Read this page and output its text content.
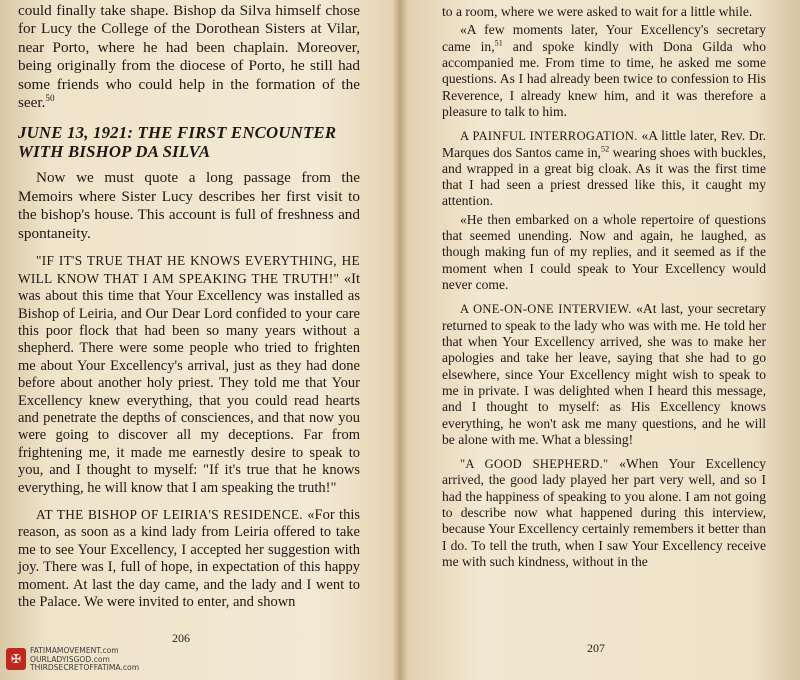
could finally take shape. Bishop da Silva himself chose for Lucy the College of the Dorothean Sisters at Vilar, near Porto, where he had been chaplain. Moreover, being originally from the diocese of Porto, he still had some friends who could help in the formation of the seer.$^{50}$

JUNE 13, 1921: THE FIRST ENCOUNTER WITH BISHOP DA SILVA

Now we must quote a long passage from the Memoirs where Sister Lucy describes her first visit to the bishop's house. This account is full of freshness and spontaneity.

"IF IT'S TRUE THAT HE KNOWS EVERYTHING, HE WILL KNOW THAT I AM SPEAKING THE TRUTH!" «It was about this time that Your Excellency was installed as Bishop of Leiria, and Our Dear Lord confided to your care this poor flock that had been so many years without a shepherd. There were some people who tried to frighten me about Your Excellency's arrival, just as they had done before about another holy priest. They told me that Your Excellency knew everything, that you could read hearts and penetrate the depths of consciences, and that now you were going to discover all my deceptions. Far from frightening me, it made me earnestly desire to speak to you, and I thought to myself: "If it's true that he knows everything, he will know that I am speaking the truth!"

AT THE BISHOP OF LEIRIA'S RESIDENCE. «For this reason, as soon as a kind lady from Leiria offered to take me to see Your Excellency, I accepted her suggestion with joy. There was I, full of hope, in expectation of this happy moment. At last the day came, and the lady and I went to the Palace. We were invited to enter, and shown

206

to a room, where we were asked to wait for a little while.

«A few moments later, Your Excellency's secretary came in,$^{51}$ and spoke kindly with Dona Gilda who accompanied me. From time to time, he asked me some questions. As I had already been twice to confession to His Reverence, I already knew him, and it was therefore a pleasure to talk to him.

A PAINFUL INTERROGATION. «A little later, Rev. Dr. Marques dos Santos came in,$^{52}$ wearing shoes with buckles, and wrapped in a great big cloak. As it was the first time that I had seen a priest dressed like this, it caught my attention.

«He then embarked on a whole repertoire of questions that seemed unending. Now and again, he laughed, as though making fun of my replies, and it seemed as if the moment when I could speak to Your Excellency would never come.

A ONE-ON-ONE INTERVIEW. «At last, your secretary returned to speak to the lady who was with me. He told her that when Your Excellency arrived, she was to make her apologies and take her leave, saying that she had to go elsewhere, since Your Excellency might wish to speak to me in private. I was delighted when I heard this message, and I thought to myself: as His Excellency knows everything, he won't ask me many questions, and he will be alone with me. What a blessing!

"A GOOD SHEPHERD." «When Your Excellency arrived, the good lady played her part very well, and so I had the happiness of speaking to you alone. I am not going to describe now what happened during this interview, because Your Excellency certainly remembers it better than I do. To tell the truth, when I saw Your Excellency receive me with such kindness, without in the

207
✠
FATIMAMOVEMENT.com
OURLADYISGOD.com
THIRDSECRETOFFATIMA.com
